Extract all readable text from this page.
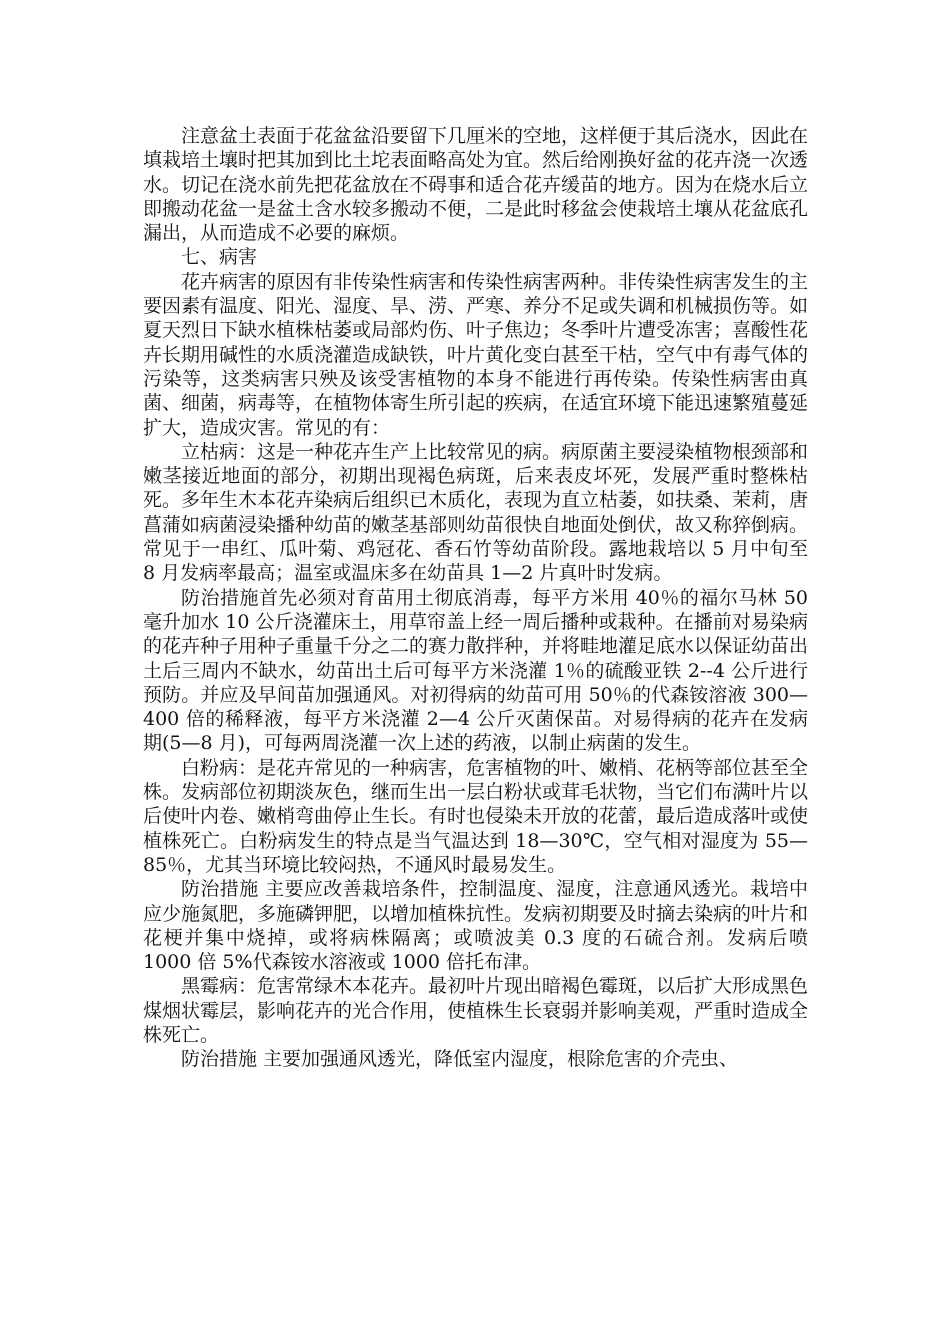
注意盆土表面于花盆盆沿要留下几厘米的空地，这样便于其后浇水，因此在填栽培土壤时把其加到比土坨表面略高处为宜。然后给刚换好盆的花卉浇一次透水。切记在浇水前先把花盆放在不碍事和适合花卉缓苗的地方。因为在烧水后立即搬动花盆一是盆土含水较多搬动不便，二是此时移盆会使栽培土壤从花盆底孔漏出，从而造成不必要的麻烦。

七、病害

花卉病害的原因有非传染性病害和传染性病害两种。非传染性病害发生的主要因素有温度、阳光、湿度、旱、涝、严寒、养分不足或失调和机械损伤等。如夏天烈日下缺水植株枯萎或局部灼伤、叶子焦边；冬季叶片遭受冻害；喜酸性花卉长期用碱性的水质浇灌造成缺铁，叶片黄化变白甚至干枯，空气中有毒气体的污染等，这类病害只殃及该受害植物的本身不能进行再传染。传染性病害由真菌、细菌，病毒等，在植物体寄生所引起的疾病，在适宜环境下能迅速繁殖蔓延扩大，造成灾害。常见的有：

立枯病：这是一种花卉生产上比较常见的病。病原菌主要浸染植物根颈部和嫩茎接近地面的部分，初期出现褐色病斑，后来表皮坏死，发展严重时整株枯死。多年生木本花卉染病后组织已木质化，表现为直立枯萎，如扶桑、茉莉，唐菖蒲如病菌浸染播种幼苗的嫩茎基部则幼苗很快自地面处倒伏，故又称猝倒病。常见于一串红、瓜叶菊、鸡冠花、香石竹等幼苗阶段。露地栽培以 5 月中旬至 8 月发病率最高；温室或温床多在幼苗具 1—2 片真叶时发病。

防治措施首先必须对育苗用土彻底消毒，每平方米用 40％的福尔马林 50 毫升加水 10 公斤浇灌床土，用草帘盖上经一周后播种或栽种。在播前对易染病的花卉种子用种子重量千分之二的赛力散拌种，并将畦地灌足底水以保证幼苗出土后三周内不缺水，幼苗出土后可每平方米浇灌 1％的硫酸亚铁 2--4 公斤进行预防。并应及早间苗加强通风。对初得病的幼苗可用 50％的代森铵溶液 300—400 倍的稀释液，每平方米浇灌 2—4 公斤灭菌保苗。对易得病的花卉在发病期(5—8 月)，可每两周浇灌一次上述的药液，以制止病菌的发生。

白粉病：是花卉常见的一种病害，危害植物的叶、嫩梢、花柄等部位甚至全株。发病部位初期淡灰色，继而生出一层白粉状或茸毛状物，当它们布满叶片以后使叶内卷、嫩梢弯曲停止生长。有时也侵染未开放的花蕾，最后造成落叶或使植株死亡。白粉病发生的特点是当气温达到 18—30℃，空气相对湿度为 55—85％，尤其当环境比较闷热，不通风时最易发生。

防治措施 主要应改善栽培条件，控制温度、湿度，注意通风透光。栽培中应少施氮肥，多施磷钾肥，以增加植株抗性。发病初期要及时摘去染病的叶片和花梗并集中烧掉，或将病株隔离；或喷波美 0.3 度的石硫合剂。发病后喷 1000 倍 5%代森铵水溶液或 1000 倍托布津。

黑霉病：危害常绿木本花卉。最初叶片现出暗褐色霉斑，以后扩大形成黑色煤烟状霉层，影响花卉的光合作用，使植株生长衰弱并影响美观，严重时造成全株死亡。

防治措施 主要加强通风透光，降低室内湿度，根除危害的介壳虫、
